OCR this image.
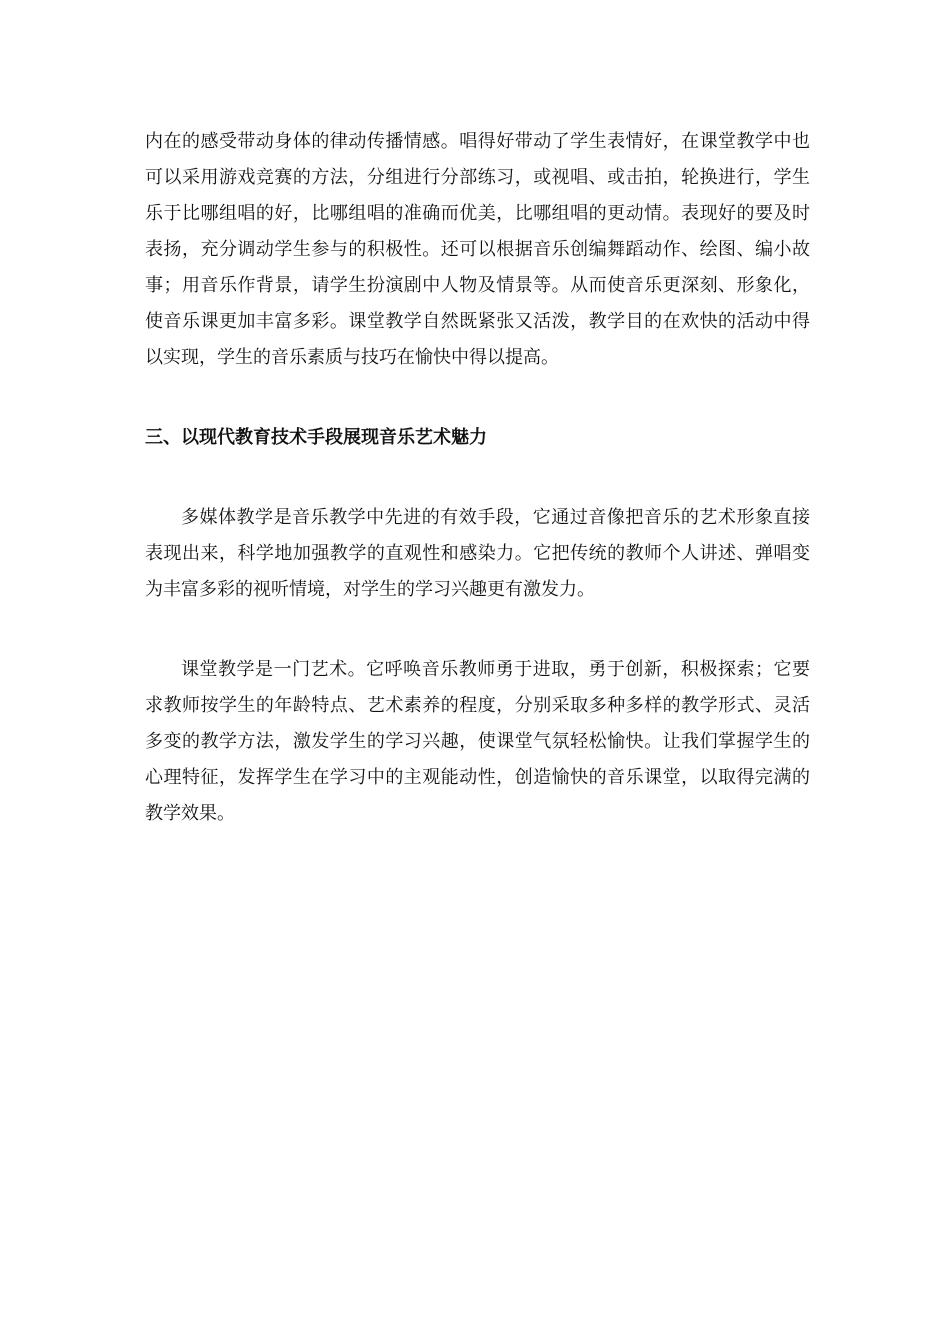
内在的感受带动身体的律动传播情感。唱得好带动了学生表情好，在课堂教学中也可以采用游戏竞赛的方法，分组进行分部练习，或视唱、或击拍，轮换进行，学生乐于比哪组唱的好，比哪组唱的准确而优美，比哪组唱的更动情。表现好的要及时表扬，充分调动学生参与的积极性。还可以根据音乐创编舞蹈动作、绘图、编小故事；用音乐作背景，请学生扮演剧中人物及情景等。从而使音乐更深刻、形象化，使音乐课更加丰富多彩。课堂教学自然既紧张又活泼，教学目的在欢快的活动中得以实现，学生的音乐素质与技巧在愉快中得以提高。

三、以现代教育技术手段展现音乐艺术魅力

多媒体教学是音乐教学中先进的有效手段，它通过音像把音乐的艺术形象直接表现出来，科学地加强教学的直观性和感染力。它把传统的教师个人讲述、弹唱变为丰富多彩的视听情境，对学生的学习兴趣更有激发力。

课堂教学是一门艺术。它呼唤音乐教师勇于进取，勇于创新，积极探索；它要求教师按学生的年龄特点、艺术素养的程度，分别采取多种多样的教学形式、灵活多变的教学方法，激发学生的学习兴趣，使课堂气氛轻松愉快。让我们掌握学生的心理特征，发挥学生在学习中的主观能动性，创造愉快的音乐课堂，以取得完满的教学效果。
